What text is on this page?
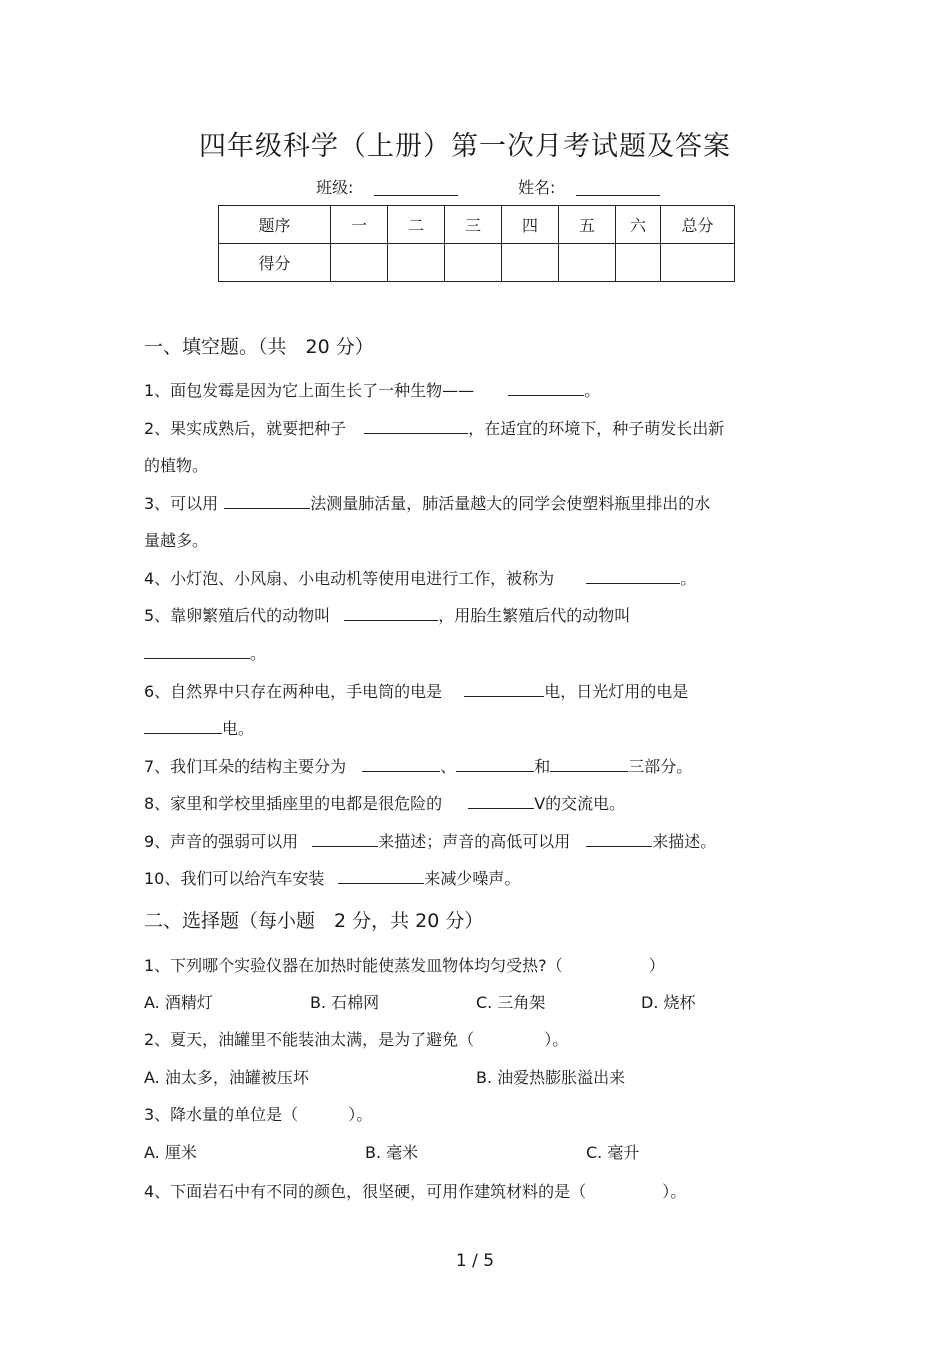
四年级科学（上册）第一次月考试题及答案
班级:	姓名:
题序	一	二	三	四	五	六	总分
得分							
一、填空题。（共　20 分）
1、面包发霉是因为它上面生长了一种生物——	。
2、果实成熟后，就要把种子	，在适宜的环境下，种子萌发长出新
的植物。
3、可以用	法测量肺活量，肺活量越大的同学会使塑料瓶里排出的水
量越多。
4、小灯泡、小风扇、小电动机等使用电进行工作，被称为	。
5、靠卵繁殖后代的动物叫	，用胎生繁殖后代的动物叫
。
6、自然界中只存在两种电，手电筒的电是	电，日光灯用的电是
电。
7、我们耳朵的结构主要分为	、	和	三部分。
8、家里和学校里插座里的电都是很危险的	V的交流电。
9、声音的强弱可以用	来描述；声音的高低可以用	来描述。
10、我们可以给汽车安装	来减少噪声。
二、选择题（每小题　2 分，共 20 分）
1、下列哪个实验仪器在加热时能使蒸发皿物体均匀受热?（	）
A. 酒精灯	B. 石棉网	C. 三角架	D. 烧杯
2、夏天，油罐里不能装油太满，是为了避免（	）。
A. 油太多，油罐被压坏	B. 油爱热膨胀溢出来
3、降水量的单位是（	）。
A. 厘米	B. 毫米	C. 毫升
4、下面岩石中有不同的颜色，很坚硬，可用作建筑材料的是（	）。
1 / 5
